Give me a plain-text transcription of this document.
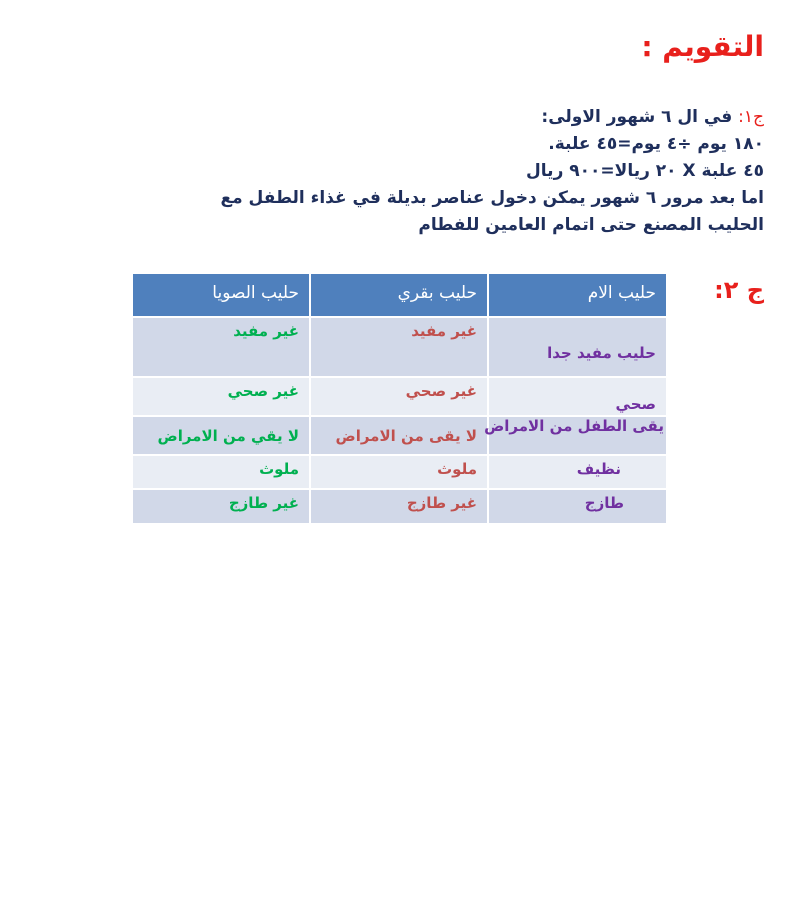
التقويم :
ج١: في ال ٦ شهور الاولى:
١٨٠ يوم ÷٤ يوم=٤٥ علبة.
٤٥ علبة X ٢٠ ريالا=٩٠٠ ريال
اما بعد مرور ٦ شهور يمكن دخول عناصر بديلة في غذاء الطفل مع الحليب المصنع حتى اتمام العامين للفطام
ج ٢:
حليب الصويا	حليب بقري	حليب الام
غير مفيد	غير مفيد	حليب مفيد جدا
غير صحي	غير صحي	صحي
لا يقي من الامراض	لا يقى من الامراض	يقى الطفل من الامراض
ملوث	ملوث	نظيف
غير طازج	غير طازج	طازج
